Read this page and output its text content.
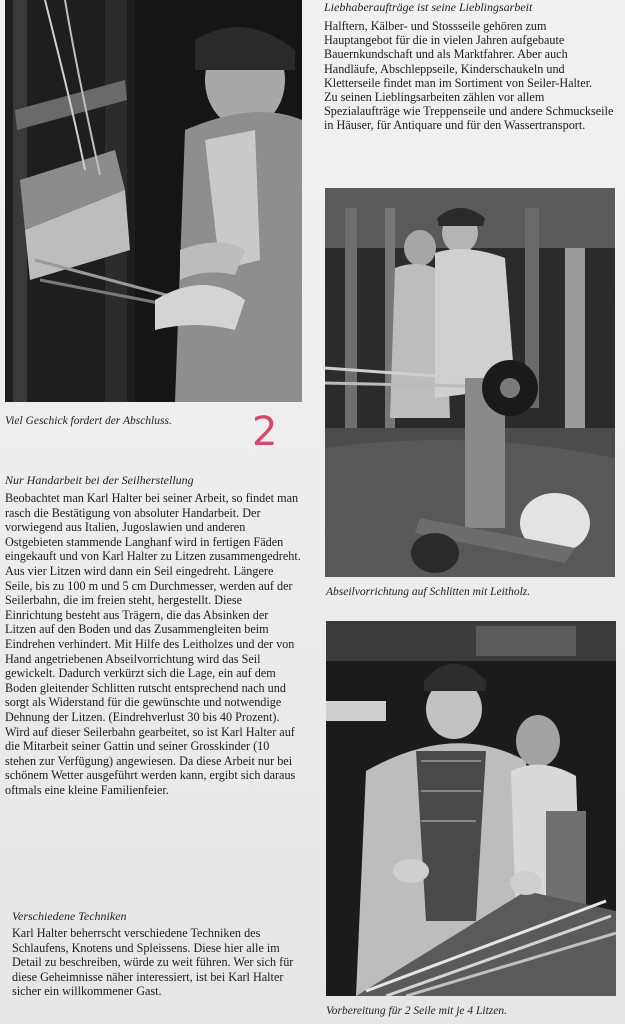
Viel Geschick fordert der Abschluss.	2

Liebhaberaufträge ist seine Lieblingsarbeit

Halftern, Kälber- und Stossseile gehören zum Hauptangebot für die in vielen Jahren aufgebaute Bauernkundschaft und als Marktfahrer. Aber auch Handläufe, Abschleppseile, Kinderschaukeln und Kletterseile findet man im Sortiment von Seiler-Halter.

Zu seinen Lieblingsarbeiten zählen vor allem Spezialaufträge wie Treppenseile und andere Schmuckseile in Häuser, für Antiquare und für den Wassertransport.

Abseilvorrichtung auf Schlitten mit Leitholz.

Nur Handarbeit bei der Seilherstellung

Beobachtet man Karl Halter bei seiner Arbeit, so findet man rasch die Bestätigung von absoluter Handarbeit. Der vorwiegend aus Italien, Jugoslawien und anderen Ostgebieten stammende Langhanf wird in fertigen Fäden eingekauft und von Karl Halter zu Litzen zusammengedreht. Aus vier Litzen wird dann ein Seil eingedreht. Längere Seile, bis zu 100 m und 5 cm Durchmesser, werden auf der Seilerbahn, die im freien steht, hergestellt. Diese Einrichtung besteht aus Trägern, die das Absinken der Litzen auf den Boden und das Zusammengleiten beim Eindrehen verhindert. Mit Hilfe des Leitholzes und der von Hand angetriebenen Abseilvorrichtung wird das Seil gewickelt. Dadurch verkürzt sich die Lage, ein auf dem Boden gleitender Schlitten rutscht entsprechend nach und sorgt als Widerstand für die gewünschte und notwendige Dehnung der Litzen. (Eindrehverlust 30 bis 40 Prozent). Wird auf dieser Seilerbahn gearbeitet, so ist Karl Halter auf die Mitarbeit seiner Gattin und seiner Grosskinder (10 stehen zur Verfügung) angewiesen. Da diese Arbeit nur bei schönem Wetter ausgeführt werden kann, ergibt sich daraus oftmals eine kleine Familienfeier.

Verschiedene Techniken

Karl Halter beherrscht verschiedene Techniken des Schlaufens, Knotens und Spleissens. Diese hier alle im Detail zu beschreiben, würde zu weit führen. Wer sich für diese Geheimnisse näher interessiert, ist bei Karl Halter sicher ein willkommener Gast.

Vorbereitung für 2 Seile mit je 4 Litzen.
